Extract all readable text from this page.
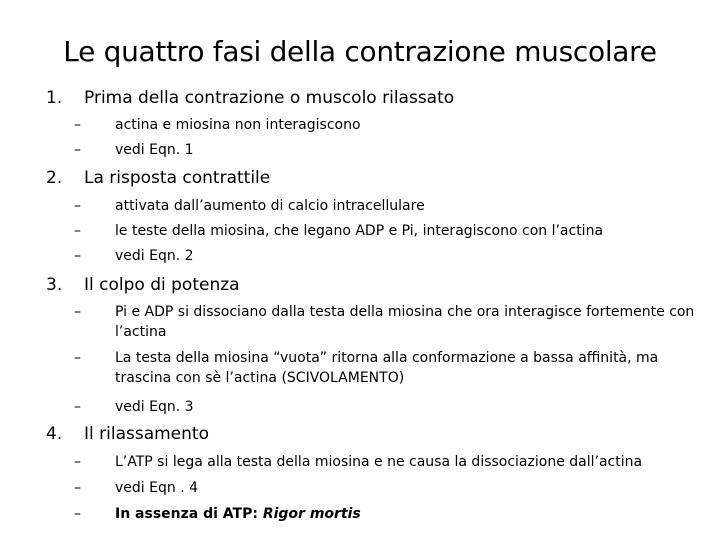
Le quattro fasi della contrazione muscolare
1. Prima della contrazione o muscolo rilassato
– actina e miosina non interagiscono
– vedi Eqn. 1
2. La risposta contrattile
– attivata dall’aumento di calcio intracellulare
– le teste della miosina, che legano ADP e Pi, interagiscono con l’actina
– vedi Eqn. 2
3. Il colpo di potenza
– Pi e ADP si dissociano dalla testa della miosina che ora interagisce fortemente con l’actina
– La testa della miosina “vuota” ritorna alla conformazione a bassa affinità, ma trascina con sè l’actina (SCIVOLAMENTO)
– vedi Eqn. 3
4. Il rilassamento
– L’ATP si lega alla testa della miosina e ne causa la dissociazione dall’actina
– vedi Eqn . 4
– In assenza di ATP: Rigor mortis
